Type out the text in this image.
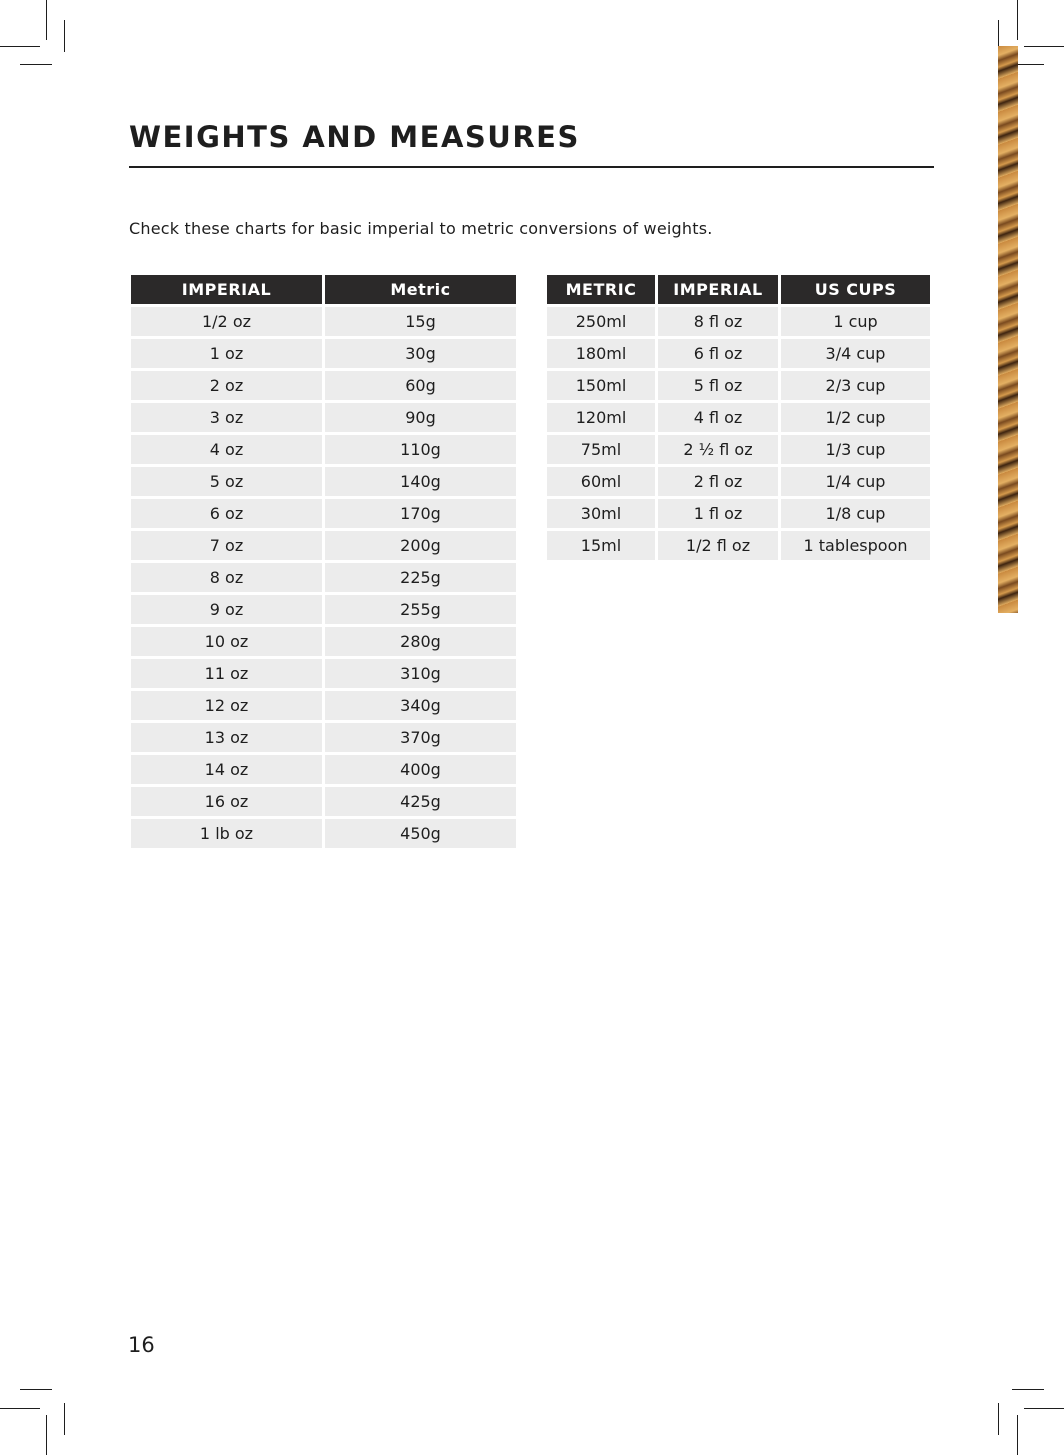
WEIGHTS AND MEASURES

Check these charts for basic imperial to metric conversions of weights.

IMPERIAL	Metric
1/2 oz	15g
1 oz	30g
2 oz	60g
3 oz	90g
4 oz	110g
5 oz	140g
6 oz	170g
7 oz	200g
8 oz	225g
9 oz	255g
10 oz	280g
11 oz	310g
12 oz	340g
13 oz	370g
14 oz	400g
16 oz	425g
1 lb oz	450g
METRIC	IMPERIAL	US CUPS
250ml	8 fl oz	1 cup
180ml	6 fl oz	3/4 cup
150ml	5 fl oz	2/3 cup
120ml	4 fl oz	1/2 cup
75ml	2 ½ fl oz	1/3 cup
60ml	2 fl oz	1/4 cup
30ml	1 fl oz	1/8 cup
15ml	1/2 fl oz	1 tablespoon
16
